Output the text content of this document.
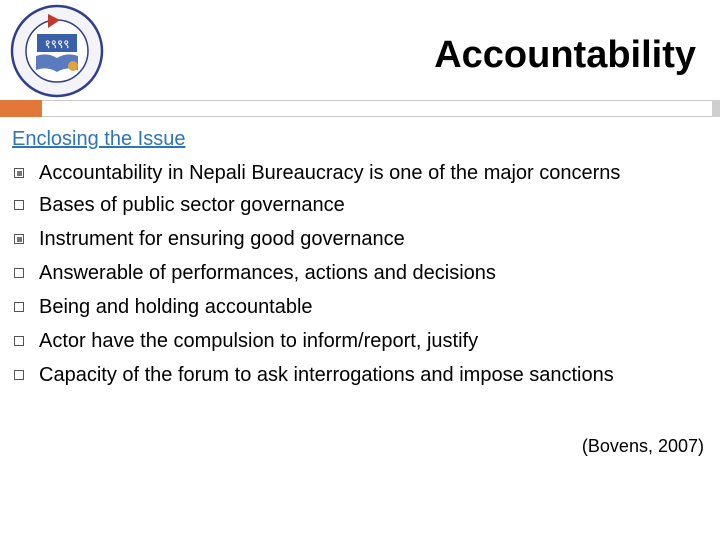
१९९९	Accountability
Enclosing the Issue
Accountability in Nepali Bureaucracy is one of the major concerns
Bases of public sector governance
Instrument for ensuring good governance
Answerable of performances, actions and decisions
Being and holding accountable
Actor have the compulsion to inform/report, justify
Capacity of the forum to ask interrogations and impose sanctions
(Bovens, 2007)
